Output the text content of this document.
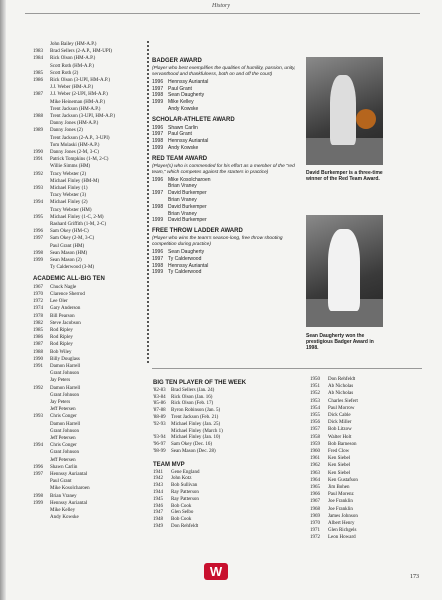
History
John Bailey (HM-A.P.)
1983	Brad Sellers (2-A.P., HM-UPI)
1984	Rick Olson (HM-A.P.)
Scott Roth (HM-A.P.)
1985	Scott Roth (2)
1986	Rick Olson (3-UPI, HM-A.P.)
J.J. Weber (HM-A.P.)
1987	J.J. Weber (2-UPI, HM-A.P.)
Mike Heineman (HM-A.P.)
Trent Jackson (HM-A.P.)
1988	Trent Jackson (3-UPI, HM-A.P.)
Danny Jones (HM-A.P.)
1989	Danny Jones (2)
Trent Jackson (2-A.P., 3-UPI)
Tom Molaski (HM-A.P.)
1990	Danny Jones (2-M, 3-C)
1991	Patrick Tompkins (1-M, 2-C)
Willie Simms (HM)
1992	Tracy Webster (2)
Michael Finley (HM-M)
1993	Michael Finley (1)
Tracy Webster (3)
1994	Michael Finley (2)
Tracy Webster (HM)
1995	Michael Finley (1-C, 2-M)
Rashard Griffith (1-M, 2-C)
1996	Sam Okey (HM-C)
1997	Sam Okey (2-M, 3-C)
Paul Grant (HM)
1998	Sean Mason (HM)
1999	Sean Mason (2)
Ty Calderwood (3-M)
ACADEMIC ALL-BIG TEN
1967	Chuck Nagle
1970	Clarence Sherrod
1972	Lee Oler
1974	Gary Anderson
1978	Bill Pearson
1982	Steve Jacobson
1985	Rod Ripley
1986	Rod Ripley
1987	Rod Ripley
1988	Bob Wiley
1990	Billy Douglass
1991	Damon Harrell
Grant Johnson
Jay Peters
1992	Damon Harrell
Grant Johnson
Jay Peters
Jeff Petersen
1993	Chris Conger
Damon Harrell
Grant Johnson
Jeff Petersen
1994	Chris Conger
Grant Johnson
Jeff Petersen
1996	Shawn Carlin
1997	Hennssy Auriantal
Paul Grant
Mike Kosolcharoen
1998	Brian Vraney
1999	Hennssy Auriantal
Mike Kelley
Andy Kowske
BADGER AWARD
(Player who best exemplifies the qualities of humility, passion, unity, servanthood and thankfulness, both on and off the court)
1996 Hennssy Auriantal
1997 Paul Grant
1998 Sean Daugherty
1999 Mike Kelley
Andy Kowske
SCHOLAR-ATHLETE AWARD
1996 Shawn Carlin
1997 Paul Grant
1998 Hennssy Auriantal
1999 Andy Kowske
RED TEAM AWARD
(Player(s) who is commended for his effort as a member of the "red team," which competes against the starters in practice)
1996 Mike Kosolcharoen
Brian Vraney
1997 David Burkemper
Brian Vraney
1998 David Burkemper
Brian Vraney
1999 David Burkemper
FREE THROW LADDER AWARD
(Player who wins the team's season-long, free throw shooting competition during practice)
1996 Sean Daugherty
1997 Ty Calderwood
1998 Hennssy Auriantal
1999 Ty Calderwood
David Burkemper is a three-time winner of the Red Team Award.
Sean Daugherty won the prestigious Badger Award in 1998.
BIG TEN PLAYER OF THE WEEK
'82-83	Brad Sellers (Jan. 24)
'83-84	Rick Olson (Jan. 16)
'85-86	Rick Olson (Feb. 17)
'87-88	Byron Robinson (Jan. 5)
'88-89	Trent Jackson (Feb. 21)
'92-93	Michael Finley (Jan. 25)
Michael Finley (March 1)
'93-94	Michael Finley (Jan. 10)
'96-97	Sam Okey (Dec. 16)
'98-99	Sean Mason (Dec. 28)
TEAM MVP
1941	Gene England
1942	John Kotz
1943	Bob Sullivan
1944	Ray Patterson
1945	Ray Patterson
1946	Bob Cook
1947	Glen Selbo
1948	Bob Cook
1949	Don Rehfeldt
1950	Don Rehfeldt
1951	Ab Nicholas
1952	Ab Nicholas
1953	Charles Siefert
1954	Paul Morrow
1955	Dick Cable
1956	Dick Miller
1957	Bob Litzow
1958	Walter Holt
1959	Bob Barneson
1960	Fred Clow
1961	Ken Siebel
1962	Ken Siebel
1963	Ken Siebel
1964	Ken Gustafson
1965	Jim Bohen
1966	Paul Morenz
1967	Joe Franklin
1968	Joe Franklin
1969	James Johnson
1970	Albert Henry
1971	Glen Richgels
1972	Leon Howard
W	173
